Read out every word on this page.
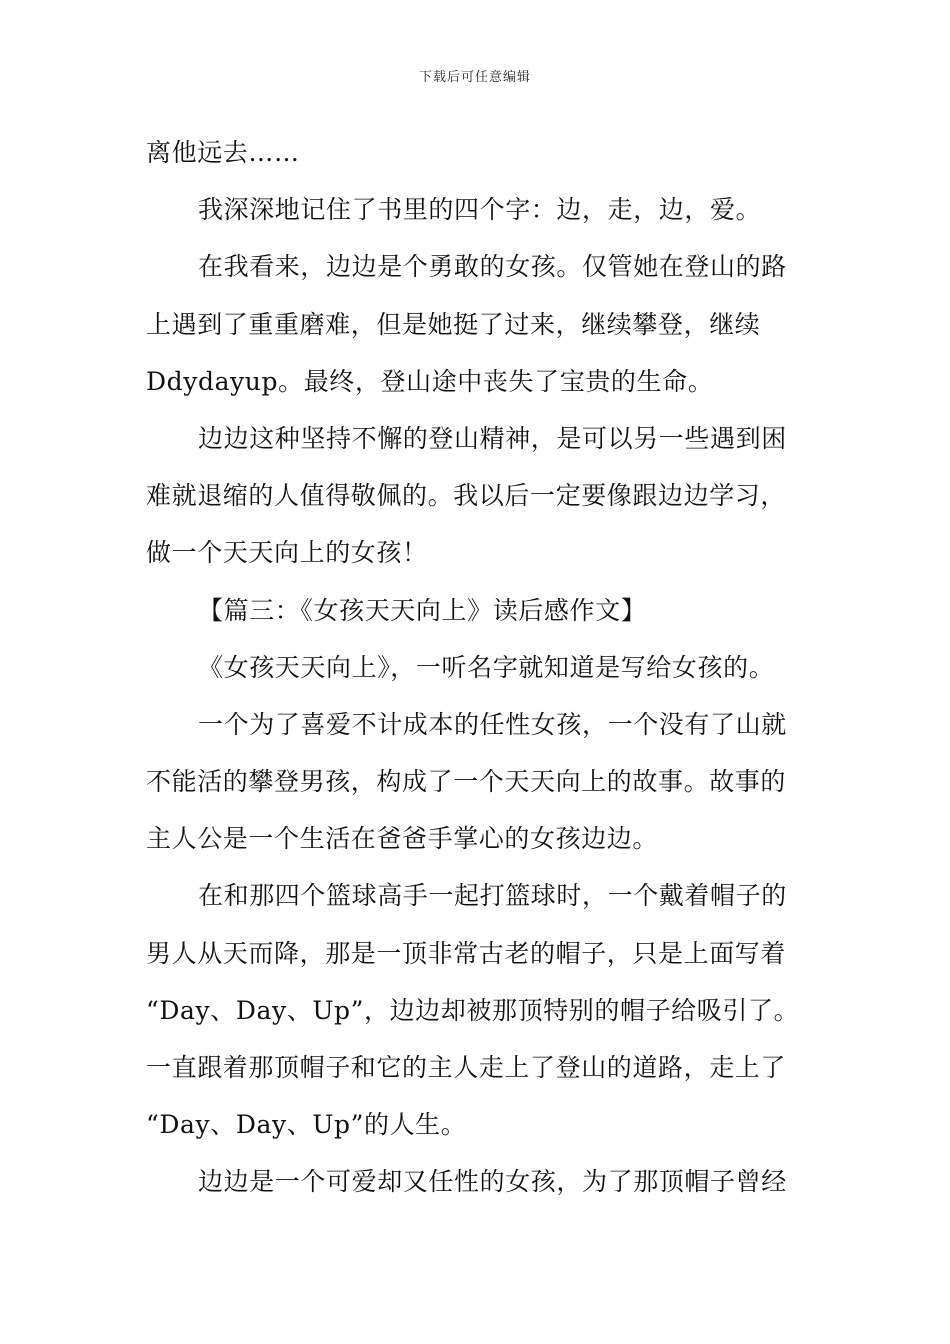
下载后可任意编辑

离他远去……

我深深地记住了书里的四个字：边，走，边，爱。

在我看来，边边是个勇敢的女孩。仅管她在登山的路
上遇到了重重磨难，但是她挺了过来，继续攀登，继续
Ddydayup。最终，登山途中丧失了宝贵的生命。

边边这种坚持不懈的登山精神，是可以另一些遇到困
难就退缩的人值得敬佩的。我以后一定要像跟边边学习，
做一个天天向上的女孩！

【篇三：《女孩天天向上》读后感作文】

《女孩天天向上》，一听名字就知道是写给女孩的。

一个为了喜爱不计成本的任性女孩，一个没有了山就
不能活的攀登男孩，构成了一个天天向上的故事。故事的
主人公是一个生活在爸爸手掌心的女孩边边。

在和那四个篮球高手一起打篮球时，一个戴着帽子的
男人从天而降，那是一顶非常古老的帽子，只是上面写着
“Day、Day、Up”，边边却被那顶特别的帽子给吸引了。
一直跟着那顶帽子和它的主人走上了登山的道路，走上了
“Day、Day、Up”的人生。

边边是一个可爱却又任性的女孩，为了那顶帽子曾经
